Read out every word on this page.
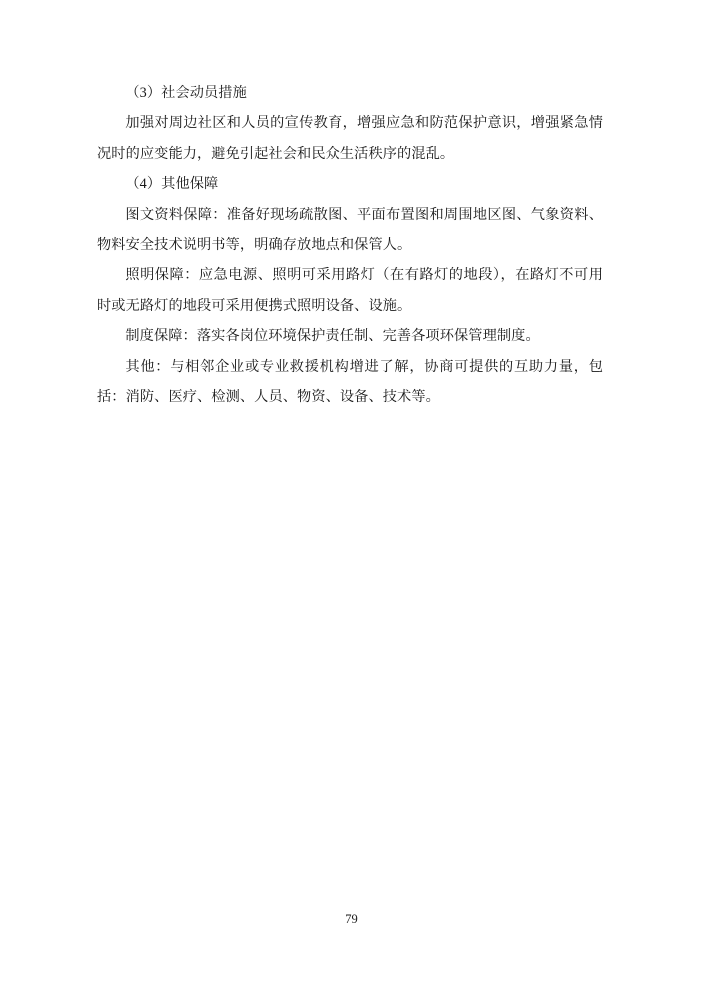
（3）社会动员措施

加强对周边社区和人员的宣传教育，增强应急和防范保护意识，增强紧急情况时的应变能力，避免引起社会和民众生活秩序的混乱。

（4）其他保障

图文资料保障：准备好现场疏散图、平面布置图和周围地区图、气象资料、物料安全技术说明书等，明确存放地点和保管人。

照明保障：应急电源、照明可采用路灯（在有路灯的地段），在路灯不可用时或无路灯的地段可采用便携式照明设备、设施。

制度保障：落实各岗位环境保护责任制、完善各项环保管理制度。

其他：与相邻企业或专业救援机构增进了解，协商可提供的互助力量，包括：消防、医疗、检测、人员、物资、设备、技术等。

79
